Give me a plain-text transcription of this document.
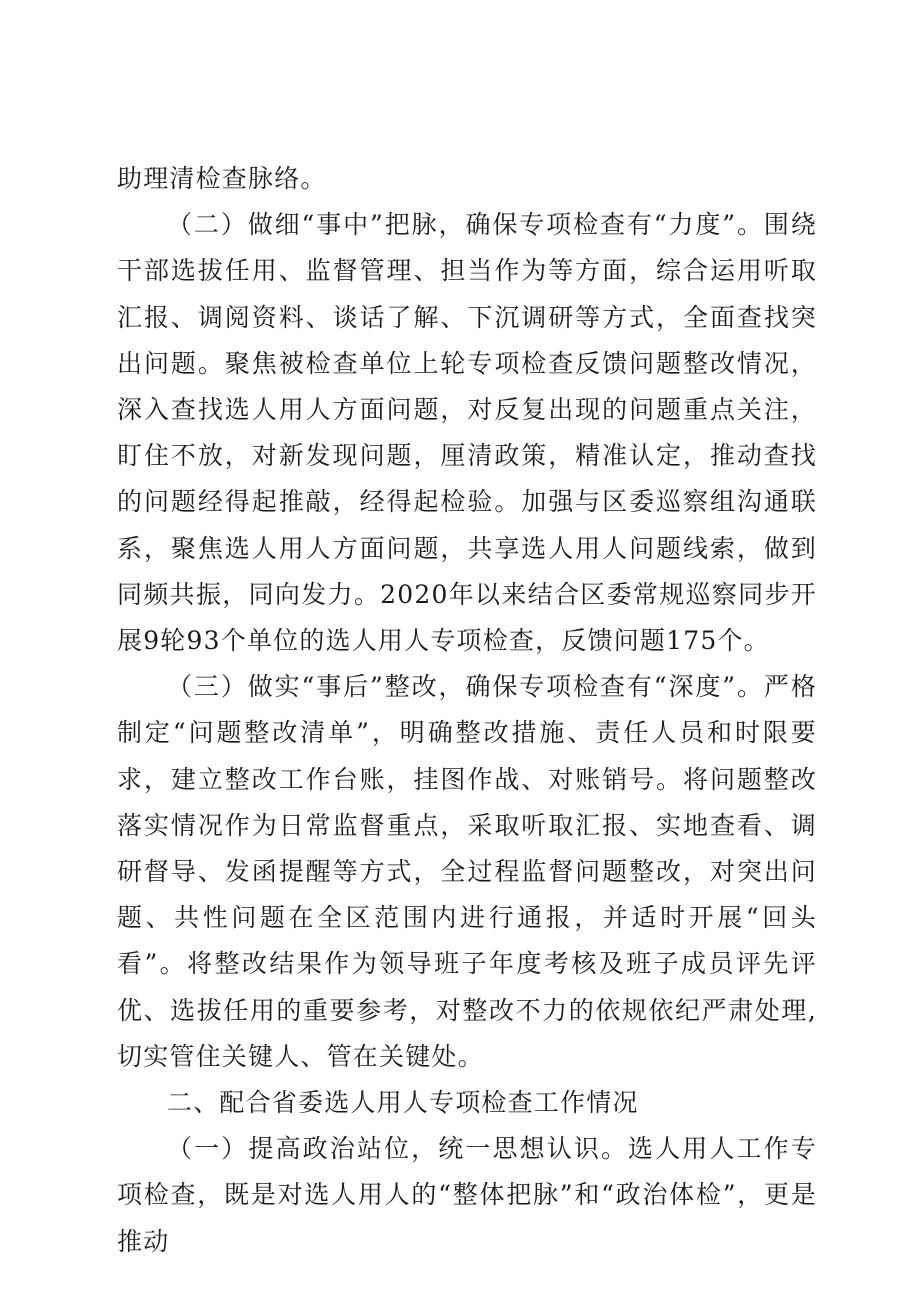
助理清检查脉络。

（二）做细“事中”把脉，确保专项检查有“力度”。围绕干部选拔任用、监督管理、担当作为等方面，综合运用听取汇报、调阅资料、谈话了解、下沉调研等方式，全面查找突出问题。聚焦被检查单位上轮专项检查反馈问题整改情况，深入查找选人用人方面问题，对反复出现的问题重点关注，盯住不放，对新发现问题，厘清政策，精准认定，推动查找的问题经得起推敲，经得起检验。加强与区委巡察组沟通联系，聚焦选人用人方面问题，共享选人用人问题线索，做到同频共振，同向发力。2020年以来结合区委常规巡察同步开展9轮93个单位的选人用人专项检查，反馈问题175个。

（三）做实“事后”整改，确保专项检查有“深度”。严格制定“问题整改清单”，明确整改措施、责任人员和时限要求，建立整改工作台账，挂图作战、对账销号。将问题整改落实情况作为日常监督重点，采取听取汇报、实地查看、调研督导、发函提醒等方式，全过程监督问题整改，对突出问题、共性问题在全区范围内进行通报，并适时开展“回头看”。将整改结果作为领导班子年度考核及班子成员评先评优、选拔任用的重要参考，对整改不力的依规依纪严肃处理,切实管住关键人、管在关键处。

二、配合省委选人用人专项检查工作情况

（一）提高政治站位，统一思想认识。选人用人工作专项检查，既是对选人用人的“整体把脉”和“政治体检”，更是推动
